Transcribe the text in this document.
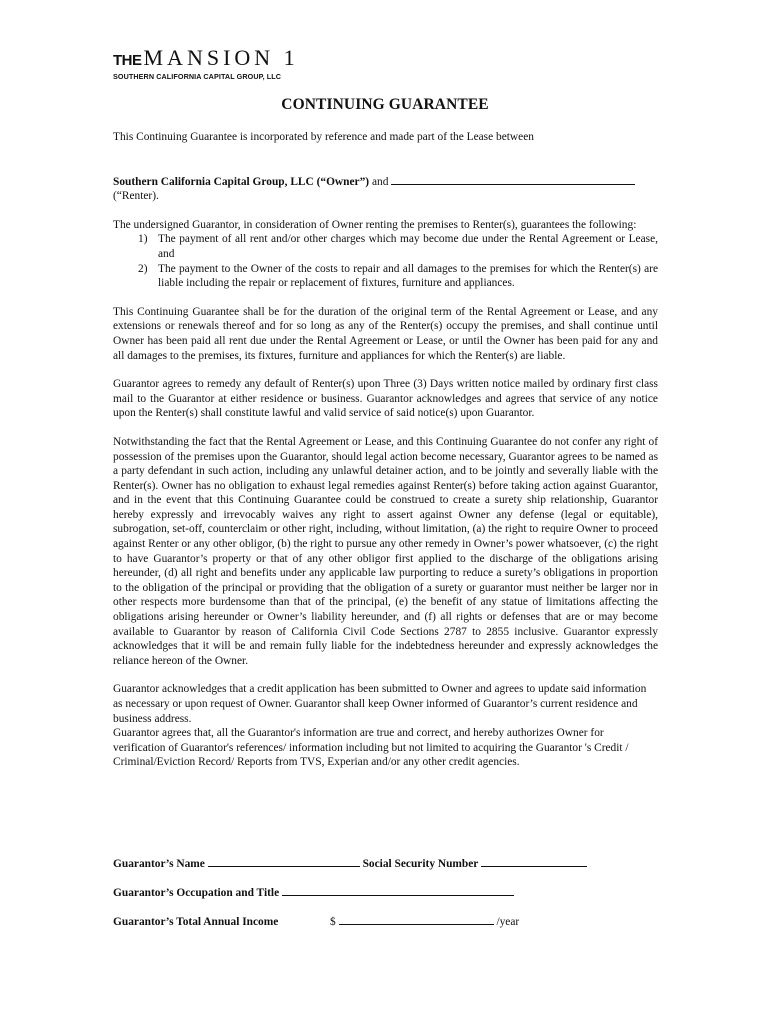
THEMANSION 1
SOUTHERN CALIFORNIA CAPITAL GROUP, LLC
CONTINUING GUARANTEE

This Continuing Guarantee is incorporated by reference and made part of the Lease between

Southern California Capital Group, LLC (“Owner”) and
(“Renter).

The undersigned Guarantor, in consideration of Owner renting the premises to Renter(s), guarantees the following:

1) The payment of all rent and/or other charges which may become due under the Rental Agreement or Lease, and
2) The payment to the Owner of the costs to repair and all damages to the premises for which the Renter(s) are liable including the repair or replacement of fixtures, furniture and appliances.

This Continuing Guarantee shall be for the duration of the original term of the Rental Agreement or Lease, and any extensions or renewals thereof and for so long as any of the Renter(s) occupy the premises, and shall continue until Owner has been paid all rent due under the Rental Agreement or Lease, or until the Owner has been paid for any and all damages to the premises, its fixtures, furniture and appliances for which the Renter(s) are liable.

Guarantor agrees to remedy any default of Renter(s) upon Three (3) Days written notice mailed by ordinary first class mail to the Guarantor at either residence or business. Guarantor acknowledges and agrees that service of any notice upon the Renter(s) shall constitute lawful and valid service of said notice(s) upon Guarantor.

Notwithstanding the fact that the Rental Agreement or Lease, and this Continuing Guarantee do not confer any right of possession of the premises upon the Guarantor, should legal action become necessary, Guarantor agrees to be named as a party defendant in such action, including any unlawful detainer action, and to be jointly and severally liable with the Renter(s). Owner has no obligation to exhaust legal remedies against Renter(s) before taking action against Guarantor, and in the event that this Continuing Guarantee could be construed to create a surety ship relationship, Guarantor hereby expressly and irrevocably waives any right to assert against Owner any defense (legal or equitable), subrogation, set-off, counterclaim or other right, including, without limitation, (a) the right to require Owner to proceed against Renter or any other obligor, (b) the right to pursue any other remedy in Owner’s power whatsoever, (c) the right to have Guarantor’s property or that of any other obligor first applied to the discharge of the obligations arising hereunder, (d) all right and benefits under any applicable law purporting to reduce a surety’s obligations in proportion to the obligation of the principal or providing that the obligation of a surety or guarantor must neither be larger nor in other respects more burdensome than that of the principal, (e) the benefit of any statue of limitations affecting the obligations arising hereunder or Owner’s liability hereunder, and (f) all rights or defenses that are or may become available to Guarantor by reason of California Civil Code Sections 2787 to 2855 inclusive. Guarantor expressly acknowledges that it will be and remain fully liable for the indebtedness hereunder and expressly acknowledges the reliance hereon of the Owner.

Guarantor acknowledges that a credit application has been submitted to Owner and agrees to update said information as necessary or upon request of Owner. Guarantor shall keep Owner informed of Guarantor’s current residence and business address.

Guarantor agrees that, all the Guarantor's information are true and correct, and hereby authorizes Owner for verification of Guarantor's references/ information including but not limited to acquiring the Guarantor 's Credit / Criminal/Eviction Record/ Reports from TVS, Experian and/or any other credit agencies.

Guarantor’s Name	Social Security Number
Guarantor’s Occupation and Title
Guarantor’s Total Annual Income	$	/year
